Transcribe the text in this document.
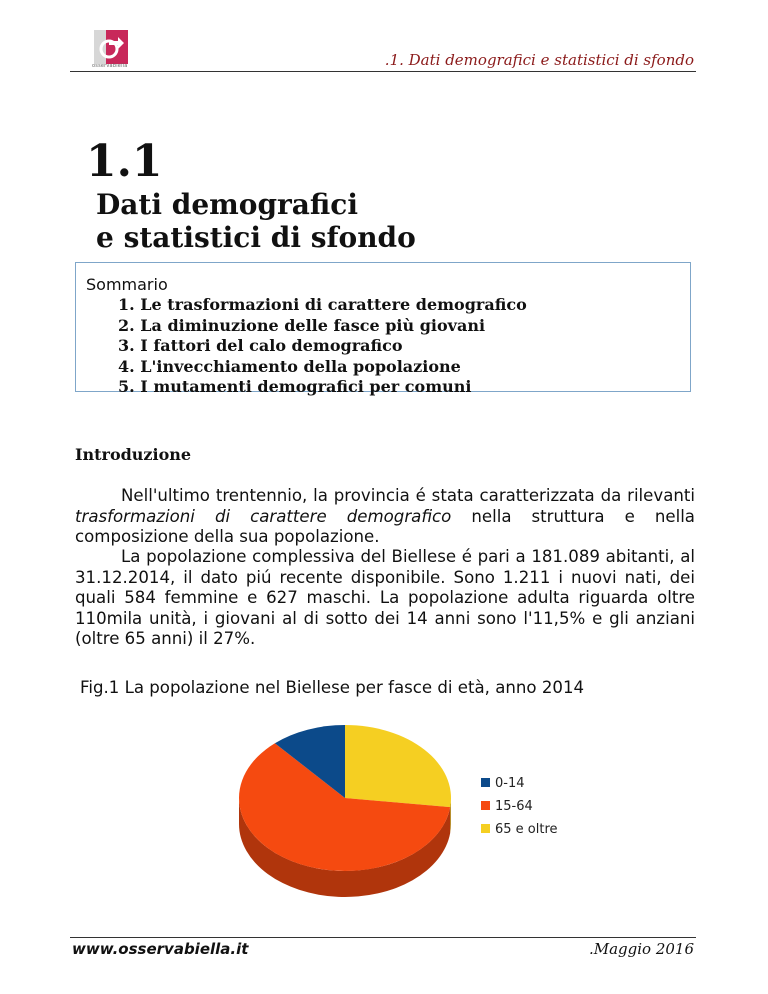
osservabiella	.1. Dati demografici e statistici di sfondo
1.1
Dati demografici
e statistici di sfondo
Sommario
1. Le trasformazioni di carattere demografico
2. La diminuzione delle fasce più giovani
3. I fattori del calo demografico
4. L'invecchiamento della popolazione
5. I mutamenti demografici per comuni
Introduzione

Nell'ultimo trentennio, la provincia é stata caratterizzata da rilevanti trasformazioni di carattere demografico nella struttura e nella composizione della sua popolazione.

La popolazione complessiva del Biellese é pari a 181.089 abitanti, al 31.12.2014, il dato piú recente disponibile. Sono 1.211 i nuovi nati, dei quali 584 femmine e 627 maschi. La popolazione adulta riguarda oltre 110mila unità, i giovani al di sotto dei 14 anni sono l'11,5% e gli anziani (oltre 65 anni) il 27%.

Fig.1 La popolazione nel Biellese per fasce di età, anno 2014
0-14
15-64
65 e oltre
www.osservabiella.it	.Maggio 2016
